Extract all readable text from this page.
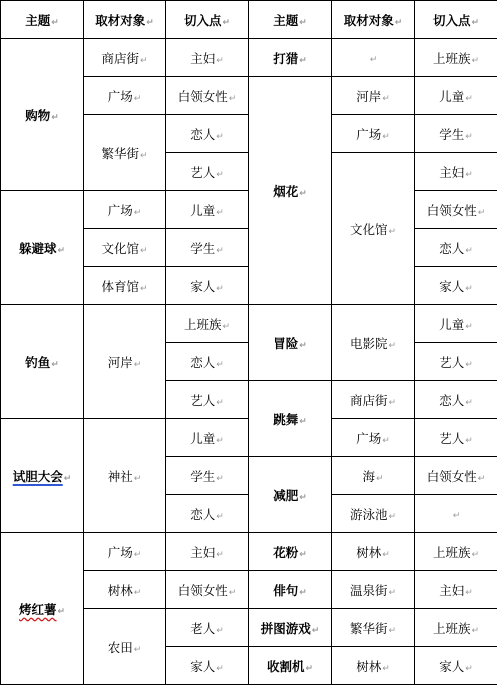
主题↵	取材对象↵	切入点↵	主题↵	取材对象↵	切入点↵
购物↵	商店街↵	主妇↵	打猎↵	↵	上班族↵
	广场↵	白领女性↵	烟花↵	河岸↵	儿童↵
	繁华街↵	恋人↵		广场↵	学生↵
		艺人↵		文化馆↵	主妇↵
躲避球↵	广场↵	儿童↵			白领女性↵
	文化馆↵	学生↵			恋人↵
	体育馆↵	家人↵			家人↵
钓鱼↵	河岸↵	上班族↵	冒险↵	电影院↵	儿童↵
		恋人↵			艺人↵
		艺人↵	跳舞↵	商店街↵	恋人↵
试胆大会↵	神社↵	儿童↵		广场↵	艺人↵
		学生↵	减肥↵	海↵	白领女性↵
		恋人↵		游泳池↵	↵
烤红薯↵	广场↵	主妇↵	花粉↵	树林↵	上班族↵
	树林↵	白领女性↵	俳句↵	温泉街↵	主妇↵
	农田↵	老人↵	拼图游戏↵	繁华街↵	上班族↵
		家人↵	收割机↵	树林↵	家人↵
